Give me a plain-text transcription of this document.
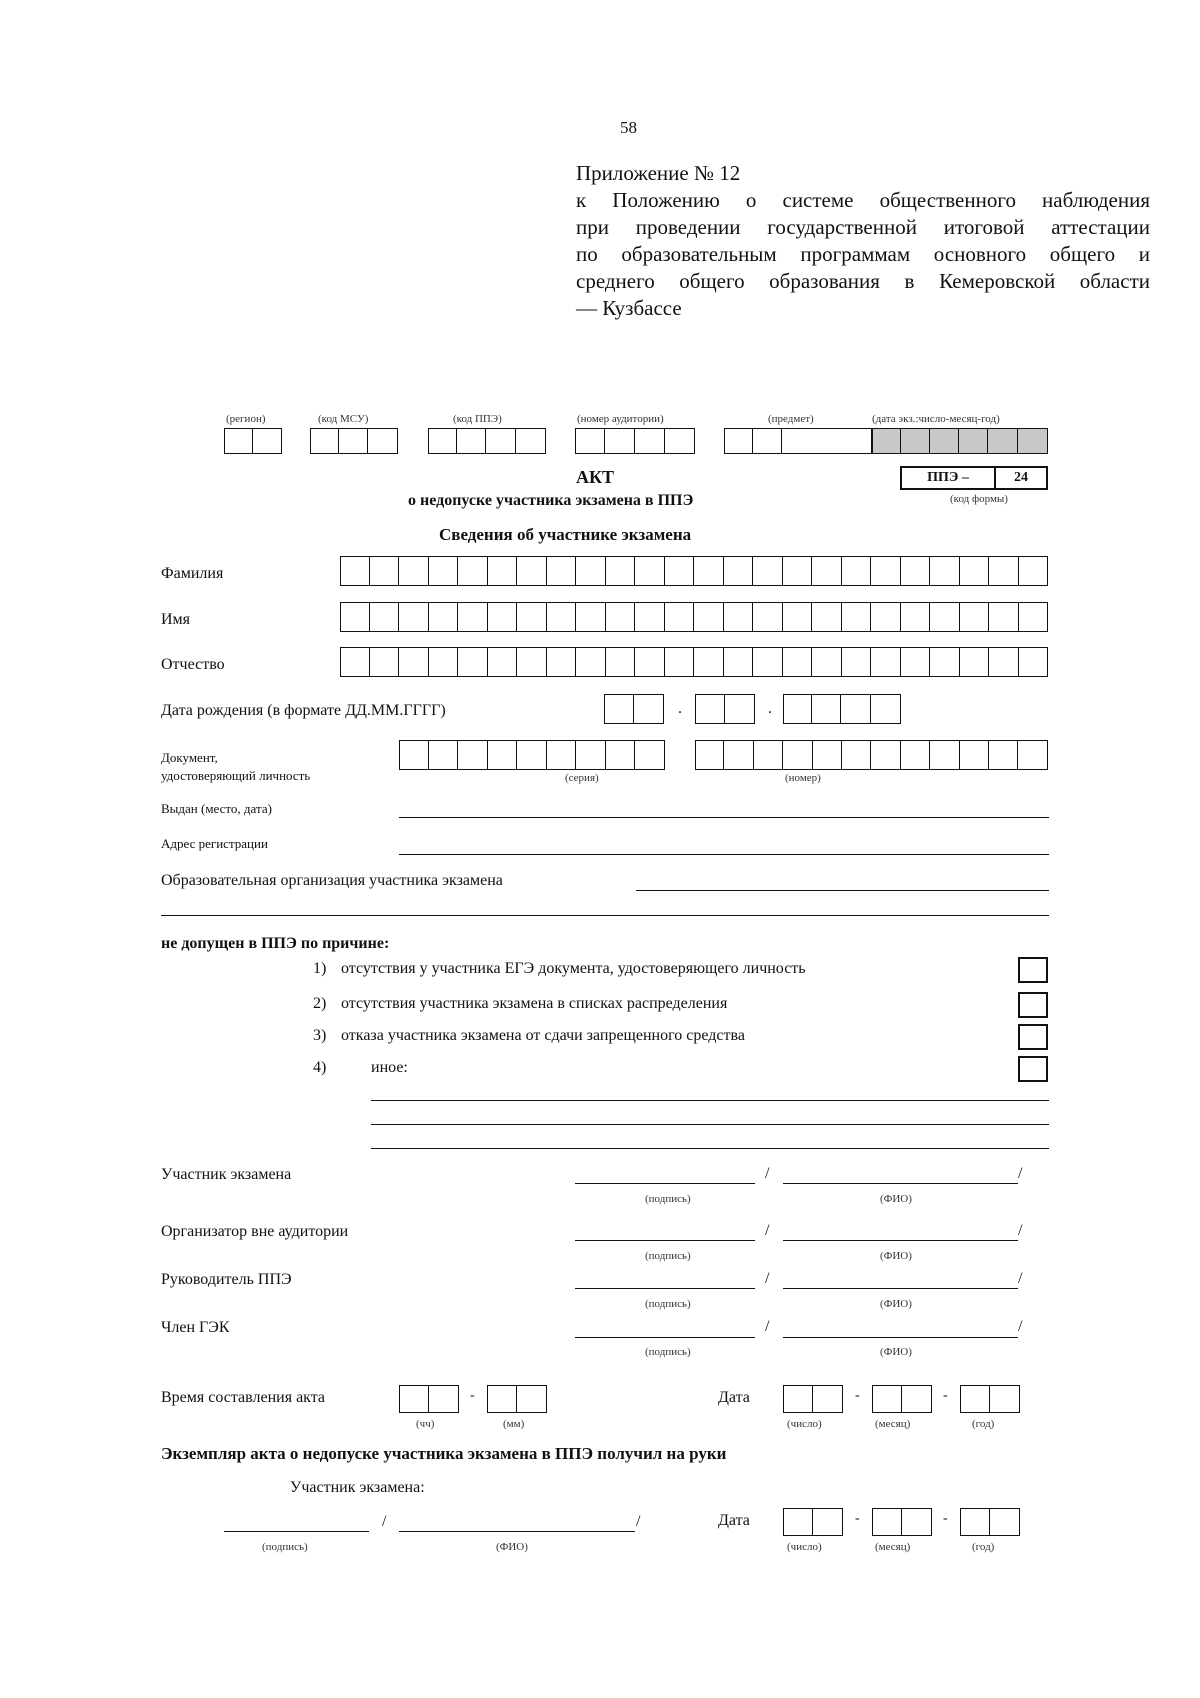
58
Приложение № 12
к Положению о системе общественного наблюдения
при проведении государственной итоговой аттестации
по образовательным программам основного общего и
среднего общего образования в Кемеровской области
— Кузбассе
(регион)	(код МСУ)	(код ППЭ)	(номер аудитории)	(предмет)	(дата экз.:число-месяц-год)
АКТ
о недопуске участника экзамена в ППЭ
ППЭ –	24
(код формы)
Сведения об участнике экзамена
Фамилия
Имя
Отчество
Дата рождения (в формате ДД.ММ.ГГГГ)	.	.
Документ,
удостоверяющий личность	(серия)	(номер)
Выдан (место, дата)
Адрес регистрации
Образовательная организация участника экзамена
не допущен в ППЭ по причине:
1) отсутствия у участника ЕГЭ документа, удостоверяющего личность
2) отсутствия участника экзамена в списках распределения
3) отказа участника экзамена от сдачи запрещенного средства
4)	иное:
Участник экзамена	/	/
(подпись)	(ФИО)
Организатор вне аудитории	/	/
(подпись)	(ФИО)
Руководитель ППЭ	/	/
(подпись)	(ФИО)
Член ГЭК	/	/
(подпись)	(ФИО)
Время составления акта	-
(чч)	(мм)
Дата	-	-
(число)	(месяц)	(год)
Экземпляр акта о недопуске участника экзамена в ППЭ получил на руки
Участник экзамена:
/	/
(подпись)	(ФИО)
Дата	-	-
(число)	(месяц)	(год)
